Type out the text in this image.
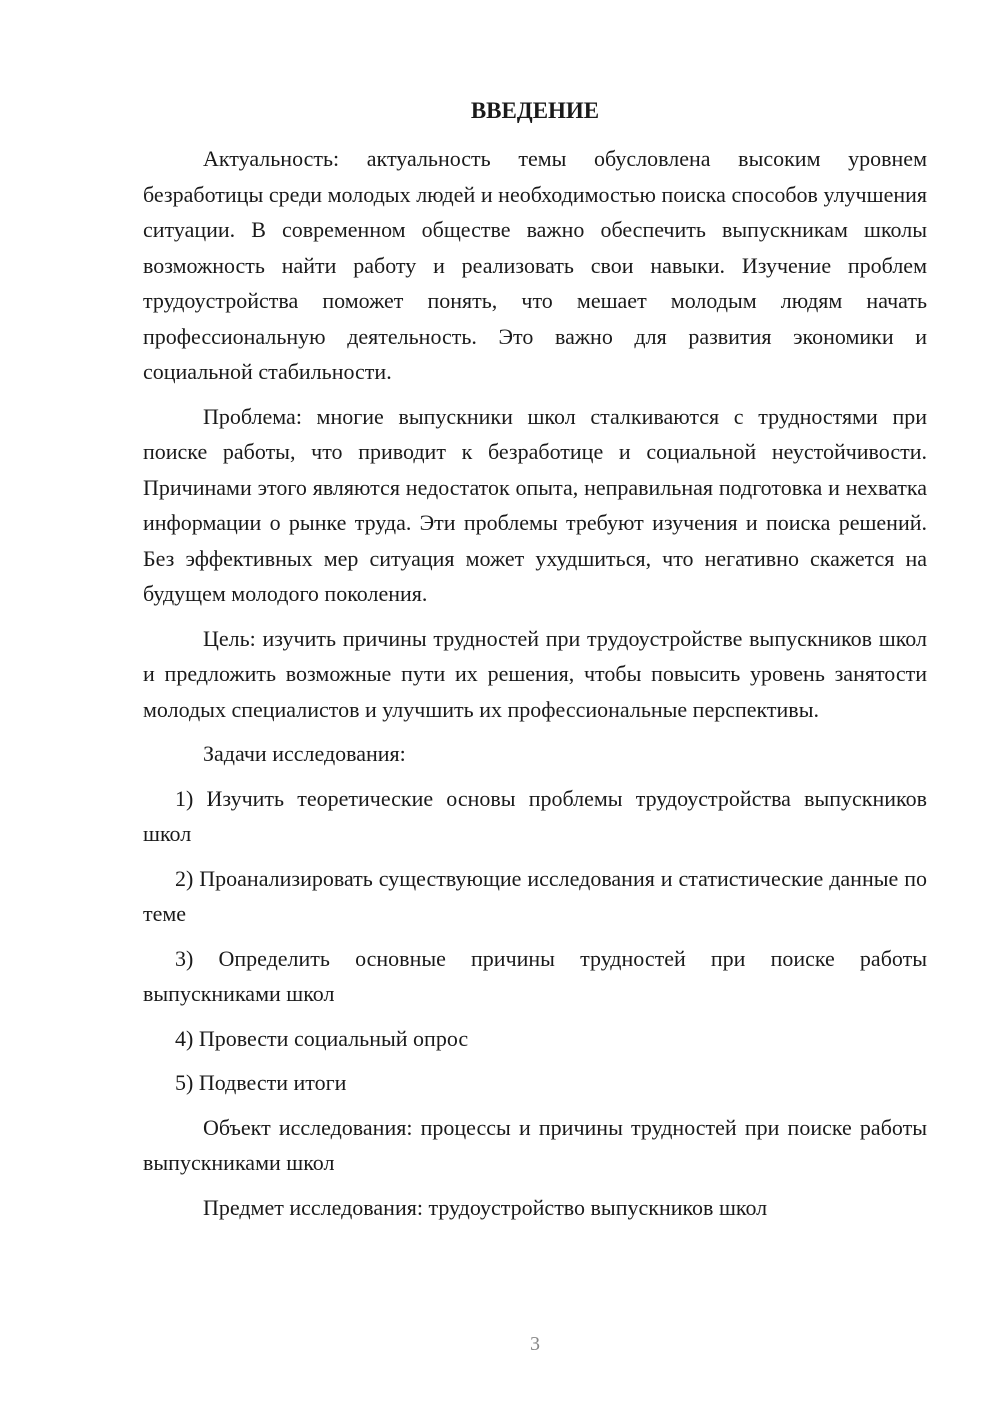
ВВЕДЕНИЕ

Актуальность: актуальность темы обусловлена высоким уровнем безработицы среди молодых людей и необходимостью поиска способов улучшения ситуации. В современном обществе важно обеспечить выпускникам школы возможность найти работу и реализовать свои навыки. Изучение проблем трудоустройства поможет понять, что мешает молодым людям начать профессиональную деятельность. Это важно для развития экономики и социальной стабильности.

Проблема: многие выпускники школ сталкиваются с трудностями при поиске работы, что приводит к безработице и социальной неустойчивости. Причинами этого являются недостаток опыта, неправильная подготовка и нехватка информации о рынке труда. Эти проблемы требуют изучения и поиска решений. Без эффективных мер ситуация может ухудшиться, что негативно скажется на будущем молодого поколения.

Цель: изучить причины трудностей при трудоустройстве выпускников школ и предложить возможные пути их решения, чтобы повысить уровень занятости молодых специалистов и улучшить их профессиональные перспективы.

Задачи исследования:

1) Изучить теоретические основы проблемы трудоустройства выпускников школ

2) Проанализировать существующие исследования и статистические данные по теме

3) Определить основные причины трудностей при поиске работы выпускниками школ

4) Провести социальный опрос

5) Подвести итоги

Объект исследования: процессы и причины трудностей при поиске работы выпускниками школ

Предмет исследования: трудоустройство выпускников школ

3
